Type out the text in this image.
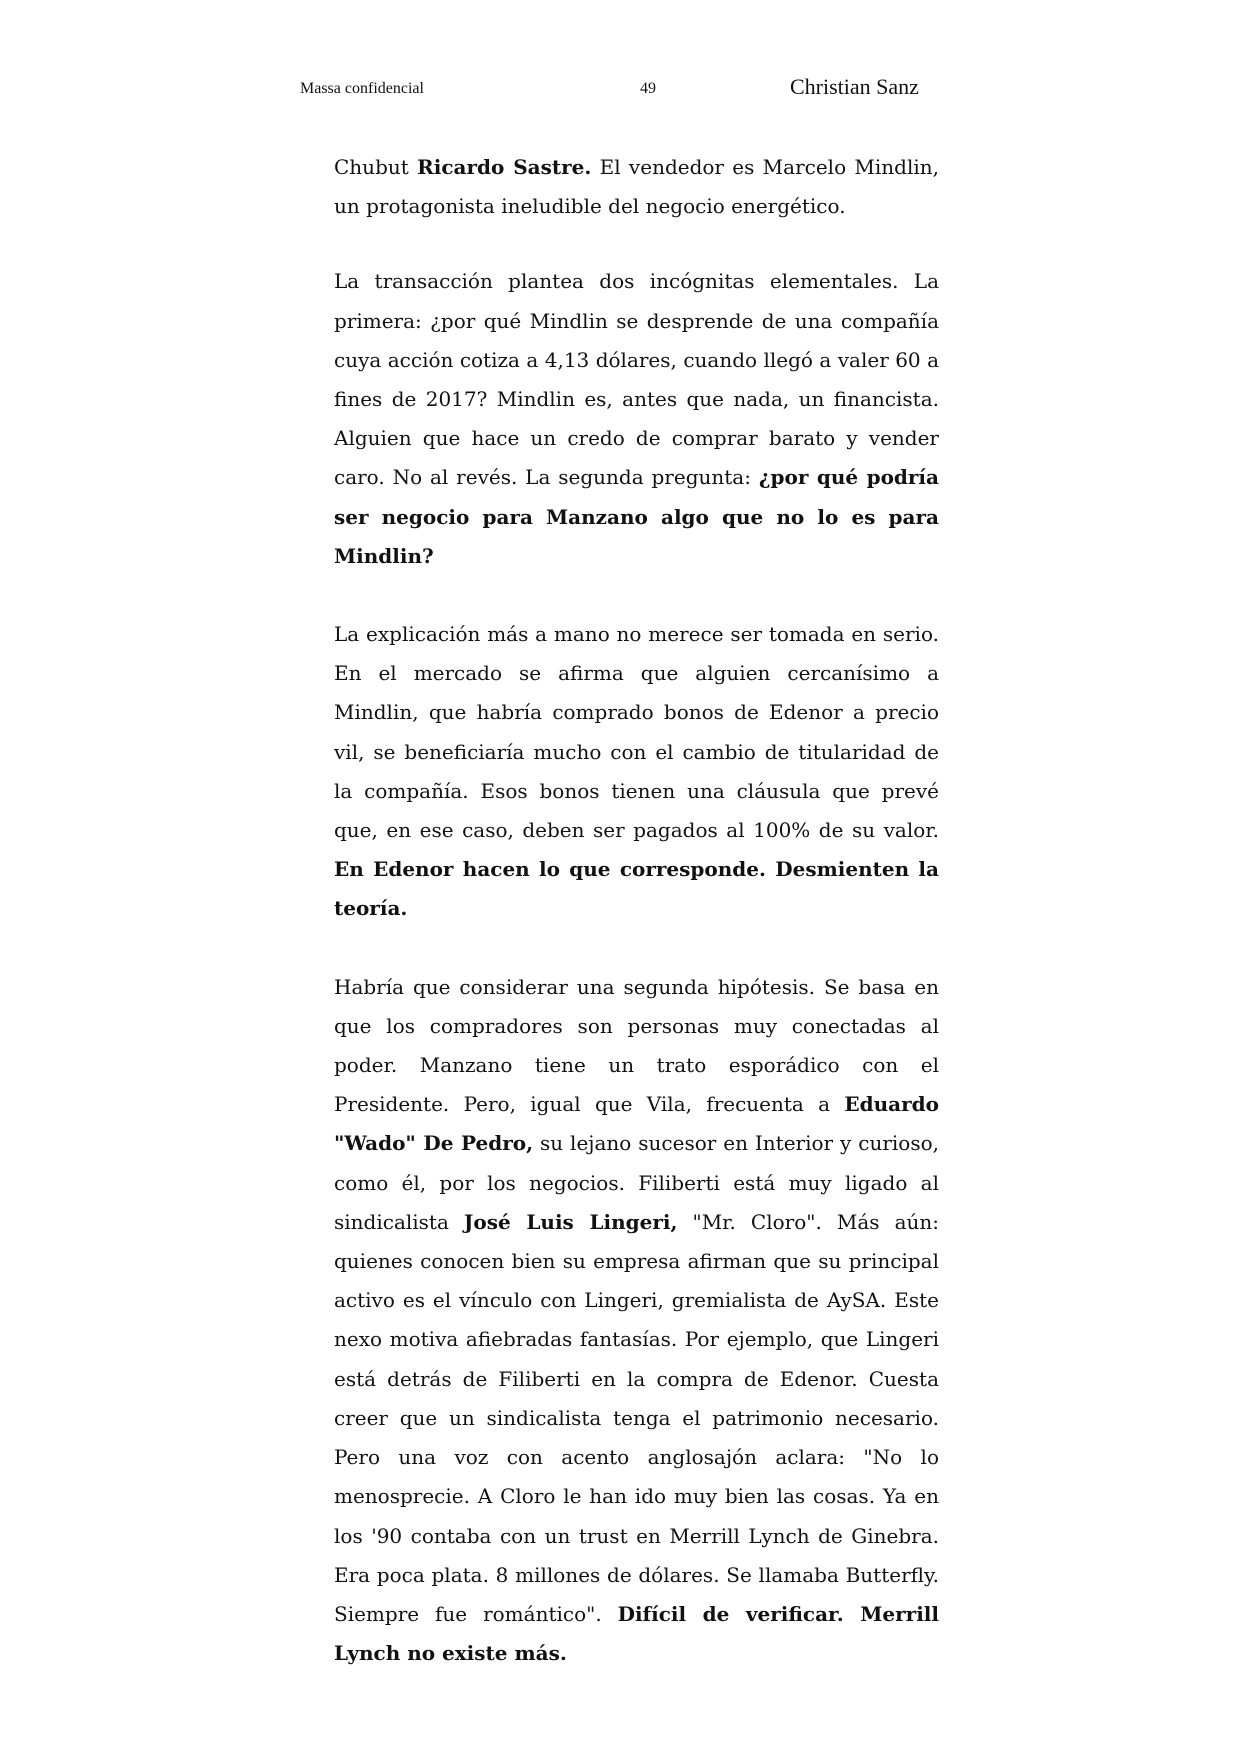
Massa confidencial	49	Christian Sanz

Chubut Ricardo Sastre. El vendedor es Marcelo Mindlin, un protagonista ineludible del negocio energético.

La transacción plantea dos incógnitas elementales. La primera: ¿por qué Mindlin se desprende de una compañía cuya acción cotiza a 4,13 dólares, cuando llegó a valer 60 a fines de 2017? Mindlin es, antes que nada, un financista. Alguien que hace un credo de comprar barato y vender caro. No al revés. La segunda pregunta: ¿por qué podría ser negocio para Manzano algo que no lo es para Mindlin?

La explicación más a mano no merece ser tomada en serio. En el mercado se afirma que alguien cercanísimo a Mindlin, que habría comprado bonos de Edenor a precio vil, se beneficiaría mucho con el cambio de titularidad de la compañía. Esos bonos tienen una cláusula que prevé que, en ese caso, deben ser pagados al 100% de su valor. En Edenor hacen lo que corresponde. Desmienten la teoría.

Habría que considerar una segunda hipótesis. Se basa en que los compradores son personas muy conectadas al poder. Manzano tiene un trato esporádico con el Presidente. Pero, igual que Vila, frecuenta a Eduardo "Wado" De Pedro, su lejano sucesor en Interior y curioso, como él, por los negocios. Filiberti está muy ligado al sindicalista José Luis Lingeri, "Mr. Cloro". Más aún: quienes conocen bien su empresa afirman que su principal activo es el vínculo con Lingeri, gremialista de AySA. Este nexo motiva afiebradas fantasías. Por ejemplo, que Lingeri está detrás de Filiberti en la compra de Edenor. Cuesta creer que un sindicalista tenga el patrimonio necesario. Pero una voz con acento anglosajón aclara: "No lo menosprecie. A Cloro le han ido muy bien las cosas. Ya en los '90 contaba con un trust en Merrill Lynch de Ginebra. Era poca plata. 8 millones de dólares. Se llamaba Butterfly. Siempre fue romántico". Difícil de verificar. Merrill Lynch no existe más.
